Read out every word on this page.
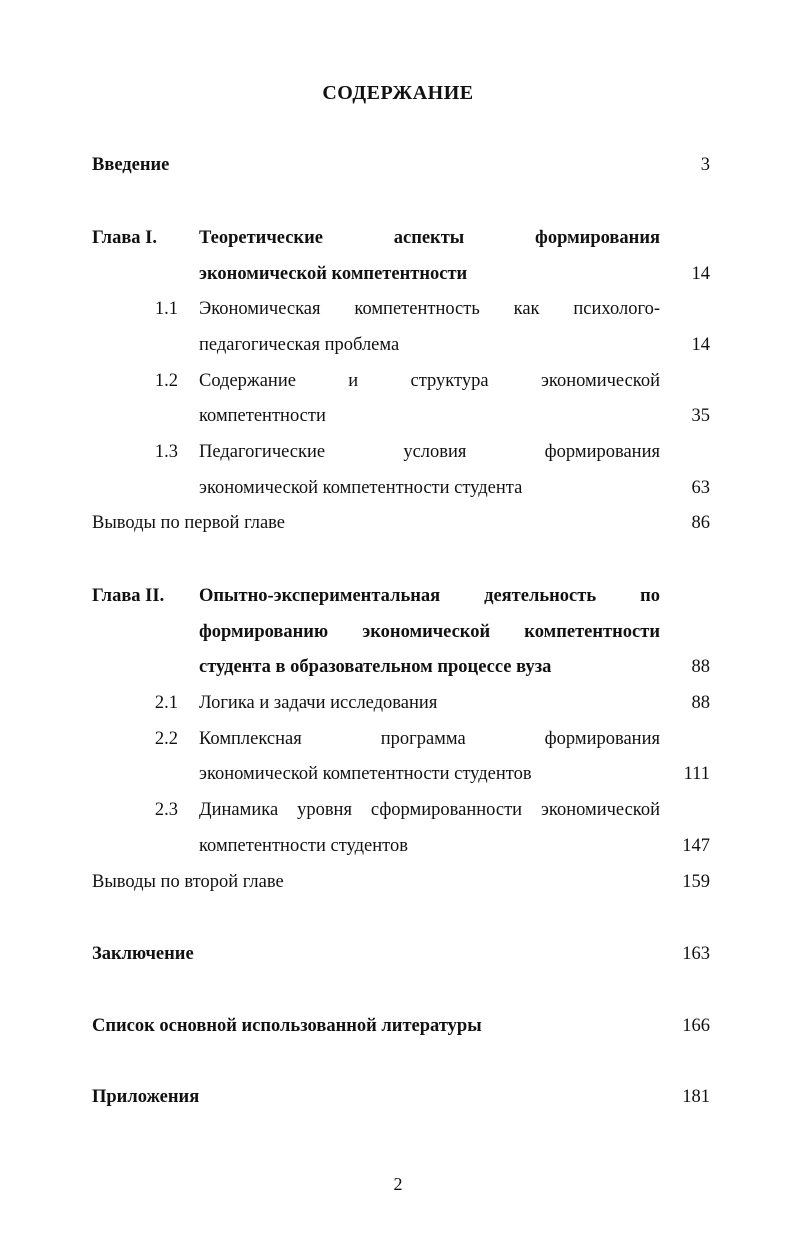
СОДЕРЖАНИЕ
Введение	3
Глава I. Теоретические аспекты формирования
экономической компетентности	14
1.1 Экономическая компетентность как психолого-
педагогическая проблема	14
1.2 Содержание и структура экономической
компетентности	35
1.3 Педагогические условия формирования
экономической компетентности студента	63
Выводы по первой главе	86
Глава II. Опытно-экспериментальная деятельность по
формированию экономической компетентности
студента в образовательном процессе вуза	88
2.1 Логика и задачи исследования	88
2.2 Комплексная программа формирования
экономической компетентности студентов	111
2.3 Динамика уровня сформированности экономической
компетентности студентов	147
Выводы по второй главе	159
Заключение	163
Список основной использованной литературы	166
Приложения	181
2
